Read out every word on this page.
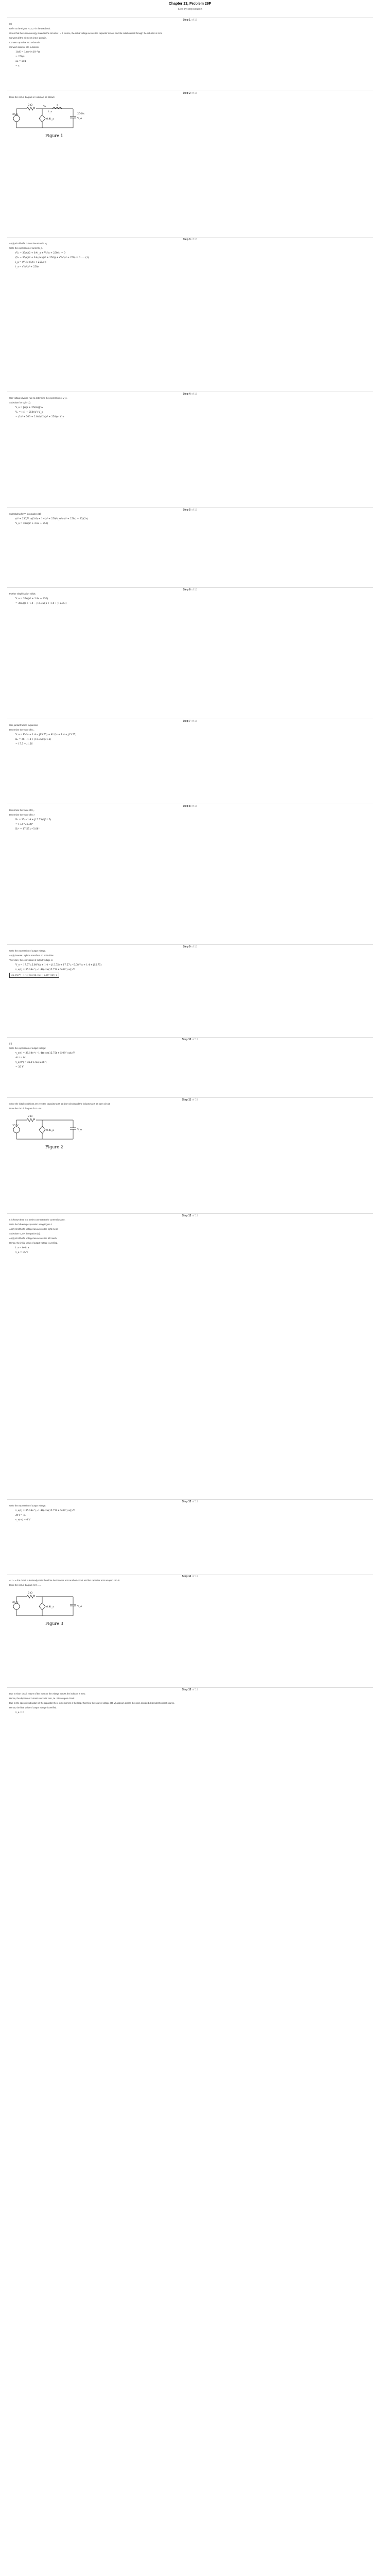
Chapter 13, Problem 29P
Step-by-step solution
Step 1 of 15

(a)

Refer to the Figure P13.27 in the text book.

Given that there is no energy stored in the circuit at t = 0. Hence, the initial voltage across the capacitor is zero and the initial current through the inductor is zero.

Convert all the elements into s-domain.

Convert capacitor into s-domain

Convert inductor into s-domain

1/sC = 1/(s(4×10⁻³))
= 250/s
sL = s×1
= s
Step 2 of 15

Draw the circuit diagram in s-domain as follows:

35/s
2 Ω
0.4i_a	V_o
s
V₁
250/s
i_a
Figure 1
Step 3 of 15

Apply Kirchhoff's current law at node V₁:

Write the expression of current i_a.

(V₁ − 35/s)/2 + 0.4i_a + V₁/(s + 250/s) = 0
(V₁ − 35/s)/2 + 0.4(sV₁/(s² + 250)) + sV₁/(s² + 250) = 0 ......(1)
i_a = (V₁/s)·(1/(s + 250/s))
i_a = sV₁/(s² + 250)
Step 4 of 15

Use voltage division rule to determine the expression of V_o.

Substitute for V₁ in (1):

V_o = [s/(s + 250/s)]·V₁
V₁ = ((s² + 250)/s²)·V_o
= (2s² + 500 + 2.8s²)/(2s(s² + 250)) · V_o
Step 5 of 15

Substituting for V₁ in equation (1):

(s² + 250)V_o/(2s²) + 1.4(s² + 250)V_o/(s(s² + 250)) = 35/(2s)
V_o = 35s/(s² + 2.8s + 250)
Step 6 of 15

Further simplification yields:

V_o = 35s/(s² + 2.8s + 250)
= 35s/((s + 1.4 − j15.75)(s + 1.4 + j15.75))
Step 7 of 15

Use partial fraction expansion:

Determine the value of K₁.

V_o = K₁/(s + 1.4 − j15.75) + K₁*/(s + 1.4 + j15.75)
K₁ = 35(−1.4 + j15.75)/(j31.5)
= 17.5 + j1.56
Step 8 of 15

Determine the value of K₁.

Determine the value of K₁*.

K₁ = 35(−1.4 + j15.75)/(j31.5)
= 17.57∠5.08°
K₁* = 17.57∠−5.08°
Step 9 of 15

Write the expression of output voltage.

Apply inverse Laplace transform on both sides.

Therefore, the expression of output voltage is

V_o = 17.57∠5.08°/(s + 1.4 − j15.75) + 17.57∠−5.08°/(s + 1.4 + j15.75)
v_o(t) = 35.14e^(−1.4t) cos(15.75t + 5.08°) u(t) V

35.14e^(−1.4t) cos(15.75t + 5.08°) u(t) V

Step 10 of 15

(b)

Write the expression of output voltage:

v_o(t) = 35.14e^(−1.4t) cos(15.75t + 5.08°) u(t) V
At t = 0⁺,
v_o(0⁺) = 35.14 cos(5.08°)
= 35 V
Step 11 of 15

Since the initial conditions are zero the capacitor acts as short circuit and the inductor acts as open circuit.

Draw the circuit diagram for t = 0⁺.

35 V
2 Ω
0.4i_a	V_o
Figure 2
Step 12 of 15

It is known that, in a series connection the current is same.

Write the following expression using Figure 2.

Apply Kirchhoff's voltage law across the right mesh:

Substitute V_o/R in equation (2).

Apply Kirchhoff's voltage law across the left mesh:

Hence, the initial value of output voltage is verified.

i_a = 0.4i_a
v_o = 35 V
Step 13 of 15

Write the expression of output voltage:

v_o(t) = 35.14e^(−1.4t) cos(15.75t + 5.08°) u(t) V
At t = ∞,
v_o(∞) = 0 V
Step 14 of 15

At t = ∞ the circuit is in steady state therefore the inductor acts as short circuit and the capacitor acts as open circuit.

Draw the circuit diagram for t = ∞.

35 V
2 Ω
0.4i_a	V_o
Figure 3
Step 15 of 15

Due to short circuit nature of the inductor the voltage across the inductor is zero.

Hence, the dependent current source is zero, i.e. it is an open circuit.

Due to the open circuit nature of the capacitor there is no current in the loop, therefore the source voltage (35 V) appears across the open circuited dependent current source.

Hence, the final value of output voltage is verified.

v_o = 0
